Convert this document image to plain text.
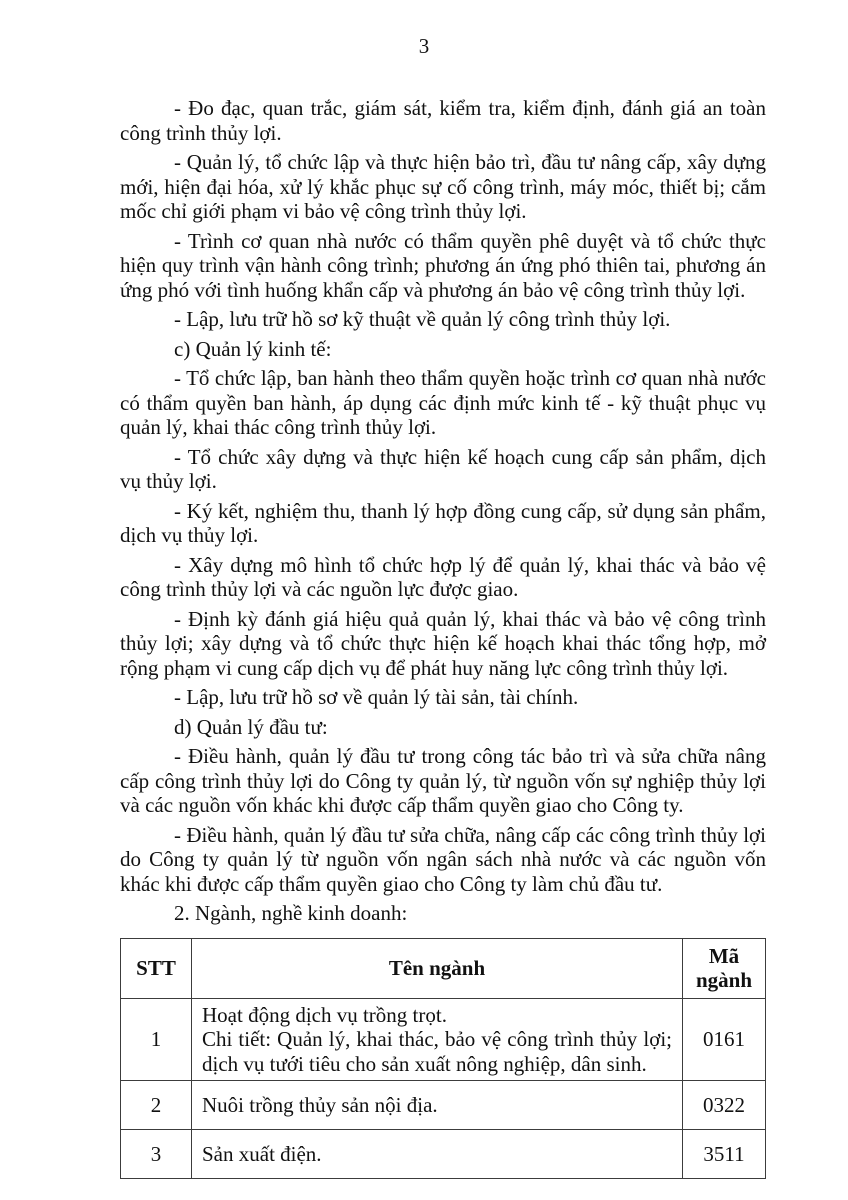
3

- Đo đạc, quan trắc, giám sát, kiểm tra, kiểm định, đánh giá an toàn công trình thủy lợi.

- Quản lý, tổ chức lập và thực hiện bảo trì, đầu tư nâng cấp, xây dựng mới, hiện đại hóa, xử lý khắc phục sự cố công trình, máy móc, thiết bị; cắm mốc chỉ giới phạm vi bảo vệ công trình thủy lợi.

- Trình cơ quan nhà nước có thẩm quyền phê duyệt và tổ chức thực hiện quy trình vận hành công trình; phương án ứng phó thiên tai, phương án ứng phó với tình huống khẩn cấp và phương án bảo vệ công trình thủy lợi.

- Lập, lưu trữ hồ sơ kỹ thuật về quản lý công trình thủy lợi.

c) Quản lý kinh tế:

- Tổ chức lập, ban hành theo thẩm quyền hoặc trình cơ quan nhà nước có thẩm quyền ban hành, áp dụng các định mức kinh tế - kỹ thuật phục vụ quản lý, khai thác công trình thủy lợi.

- Tổ chức xây dựng và thực hiện kế hoạch cung cấp sản phẩm, dịch vụ thủy lợi.

- Ký kết, nghiệm thu, thanh lý hợp đồng cung cấp, sử dụng sản phẩm, dịch vụ thủy lợi.

- Xây dựng mô hình tổ chức hợp lý để quản lý, khai thác và bảo vệ công trình thủy lợi và các nguồn lực được giao.

- Định kỳ đánh giá hiệu quả quản lý, khai thác và bảo vệ công trình thủy lợi; xây dựng và tổ chức thực hiện kế hoạch khai thác tổng hợp, mở rộng phạm vi cung cấp dịch vụ để phát huy năng lực công trình thủy lợi.

- Lập, lưu trữ hồ sơ về quản lý tài sản, tài chính.

d) Quản lý đầu tư:

- Điều hành, quản lý đầu tư trong công tác bảo trì và sửa chữa nâng cấp công trình thủy lợi do Công ty quản lý, từ nguồn vốn sự nghiệp thủy lợi và các nguồn vốn khác khi được cấp thẩm quyền giao cho Công ty.

- Điều hành, quản lý đầu tư sửa chữa, nâng cấp các công trình thủy lợi do Công ty quản lý từ nguồn vốn ngân sách nhà nước và các nguồn vốn khác khi được cấp thẩm quyền giao cho Công ty làm chủ đầu tư.

2. Ngành, nghề kinh doanh:

STT	Tên ngành	Mã ngành
1	Hoạt động dịch vụ trồng trọt.
Chi tiết: Quản lý, khai thác, bảo vệ công trình thủy lợi; dịch vụ tưới tiêu cho sản xuất nông nghiệp, dân sinh.	0161
2	Nuôi trồng thủy sản nội địa.	0322
3	Sản xuất điện.	3511
